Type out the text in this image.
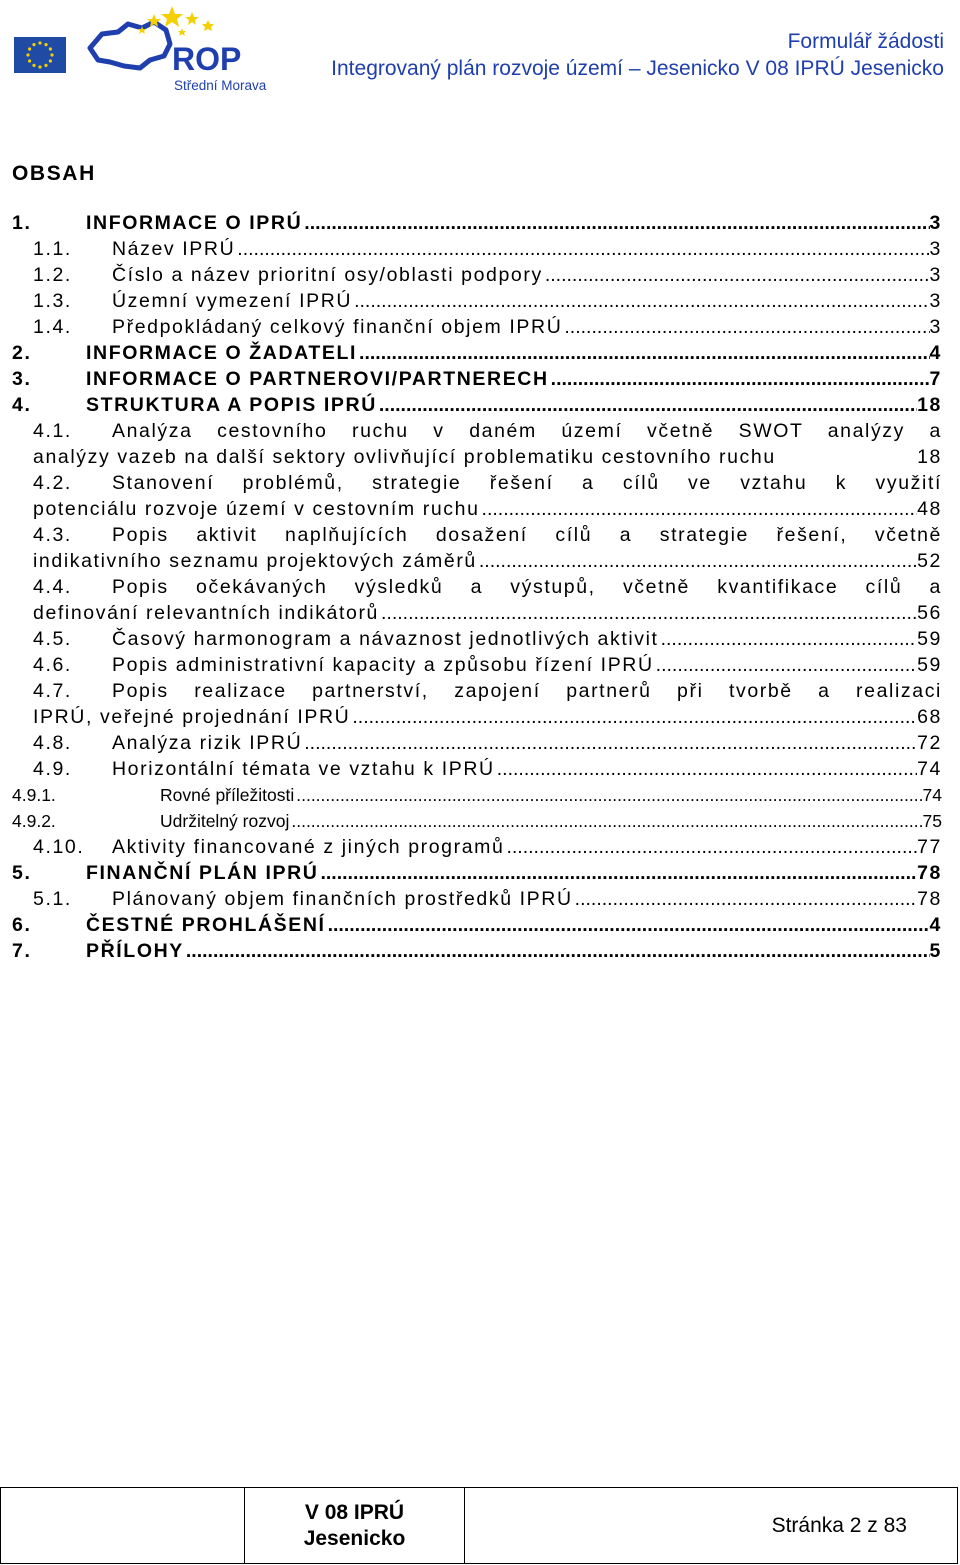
ROP
Střední Morava
Formulář žádosti
Integrovaný plán rozvoje území – Jesenicko V 08 IPRÚ Jesenicko
OBSAH
1.	INFORMACE O IPRÚ .....	3
1.1. Název IPRÚ .....	3
1.2. Číslo a název prioritní osy/oblasti podpory .....	3
1.3. Územní vymezení IPRÚ .....	3
1.4. Předpokládaný celkový finanční objem IPRÚ .....	3
2.	INFORMACE O ŽADATELI .....	4
3.	INFORMACE O PARTNEROVI/PARTNERECH .....	7
4.	STRUKTURA A POPIS IPRÚ .....	18
4.1. Analýza cestovního ruchu v daném území včetně SWOT analýzy a
analýzy vazeb na další sektory ovlivňující problematiku cestovního ruchu	18
4.2. Stanovení problémů, strategie řešení a cílů ve vztahu k využití
potenciálu rozvoje území v cestovním ruchu .....	48
4.3. Popis aktivit naplňujících dosažení cílů a strategie řešení, včetně
indikativního seznamu projektových záměrů .....	52
4.4. Popis očekávaných výsledků a výstupů, včetně kvantifikace cílů a
definování relevantních indikátorů .....	56
4.5. Časový harmonogram a návaznost jednotlivých aktivit .....	59
4.6. Popis administrativní kapacity a způsobu řízení IPRÚ .....	59
4.7. Popis realizace partnerství, zapojení partnerů při tvorbě a realizaci
IPRÚ, veřejné projednání IPRÚ .....	68
4.8. Analýza rizik IPRÚ .....	72
4.9. Horizontální témata ve vztahu k IPRÚ .....	74
4.9.1.	Rovné příležitosti .....	74
4.9.2.	Udržitelný rozvoj .....	75
4.10. Aktivity financované z jiných programů .....	77
5.	FINANČNÍ PLÁN IPRÚ .....	78
5.1. Plánovaný objem finančních prostředků IPRÚ .....	78
6.	ČESTNÉ PROHLÁŠENÍ .....	4
7.	PŘÍLOHY .....	5
V 08 IPRÚ
Jesenicko
Stránka 2 z 83
